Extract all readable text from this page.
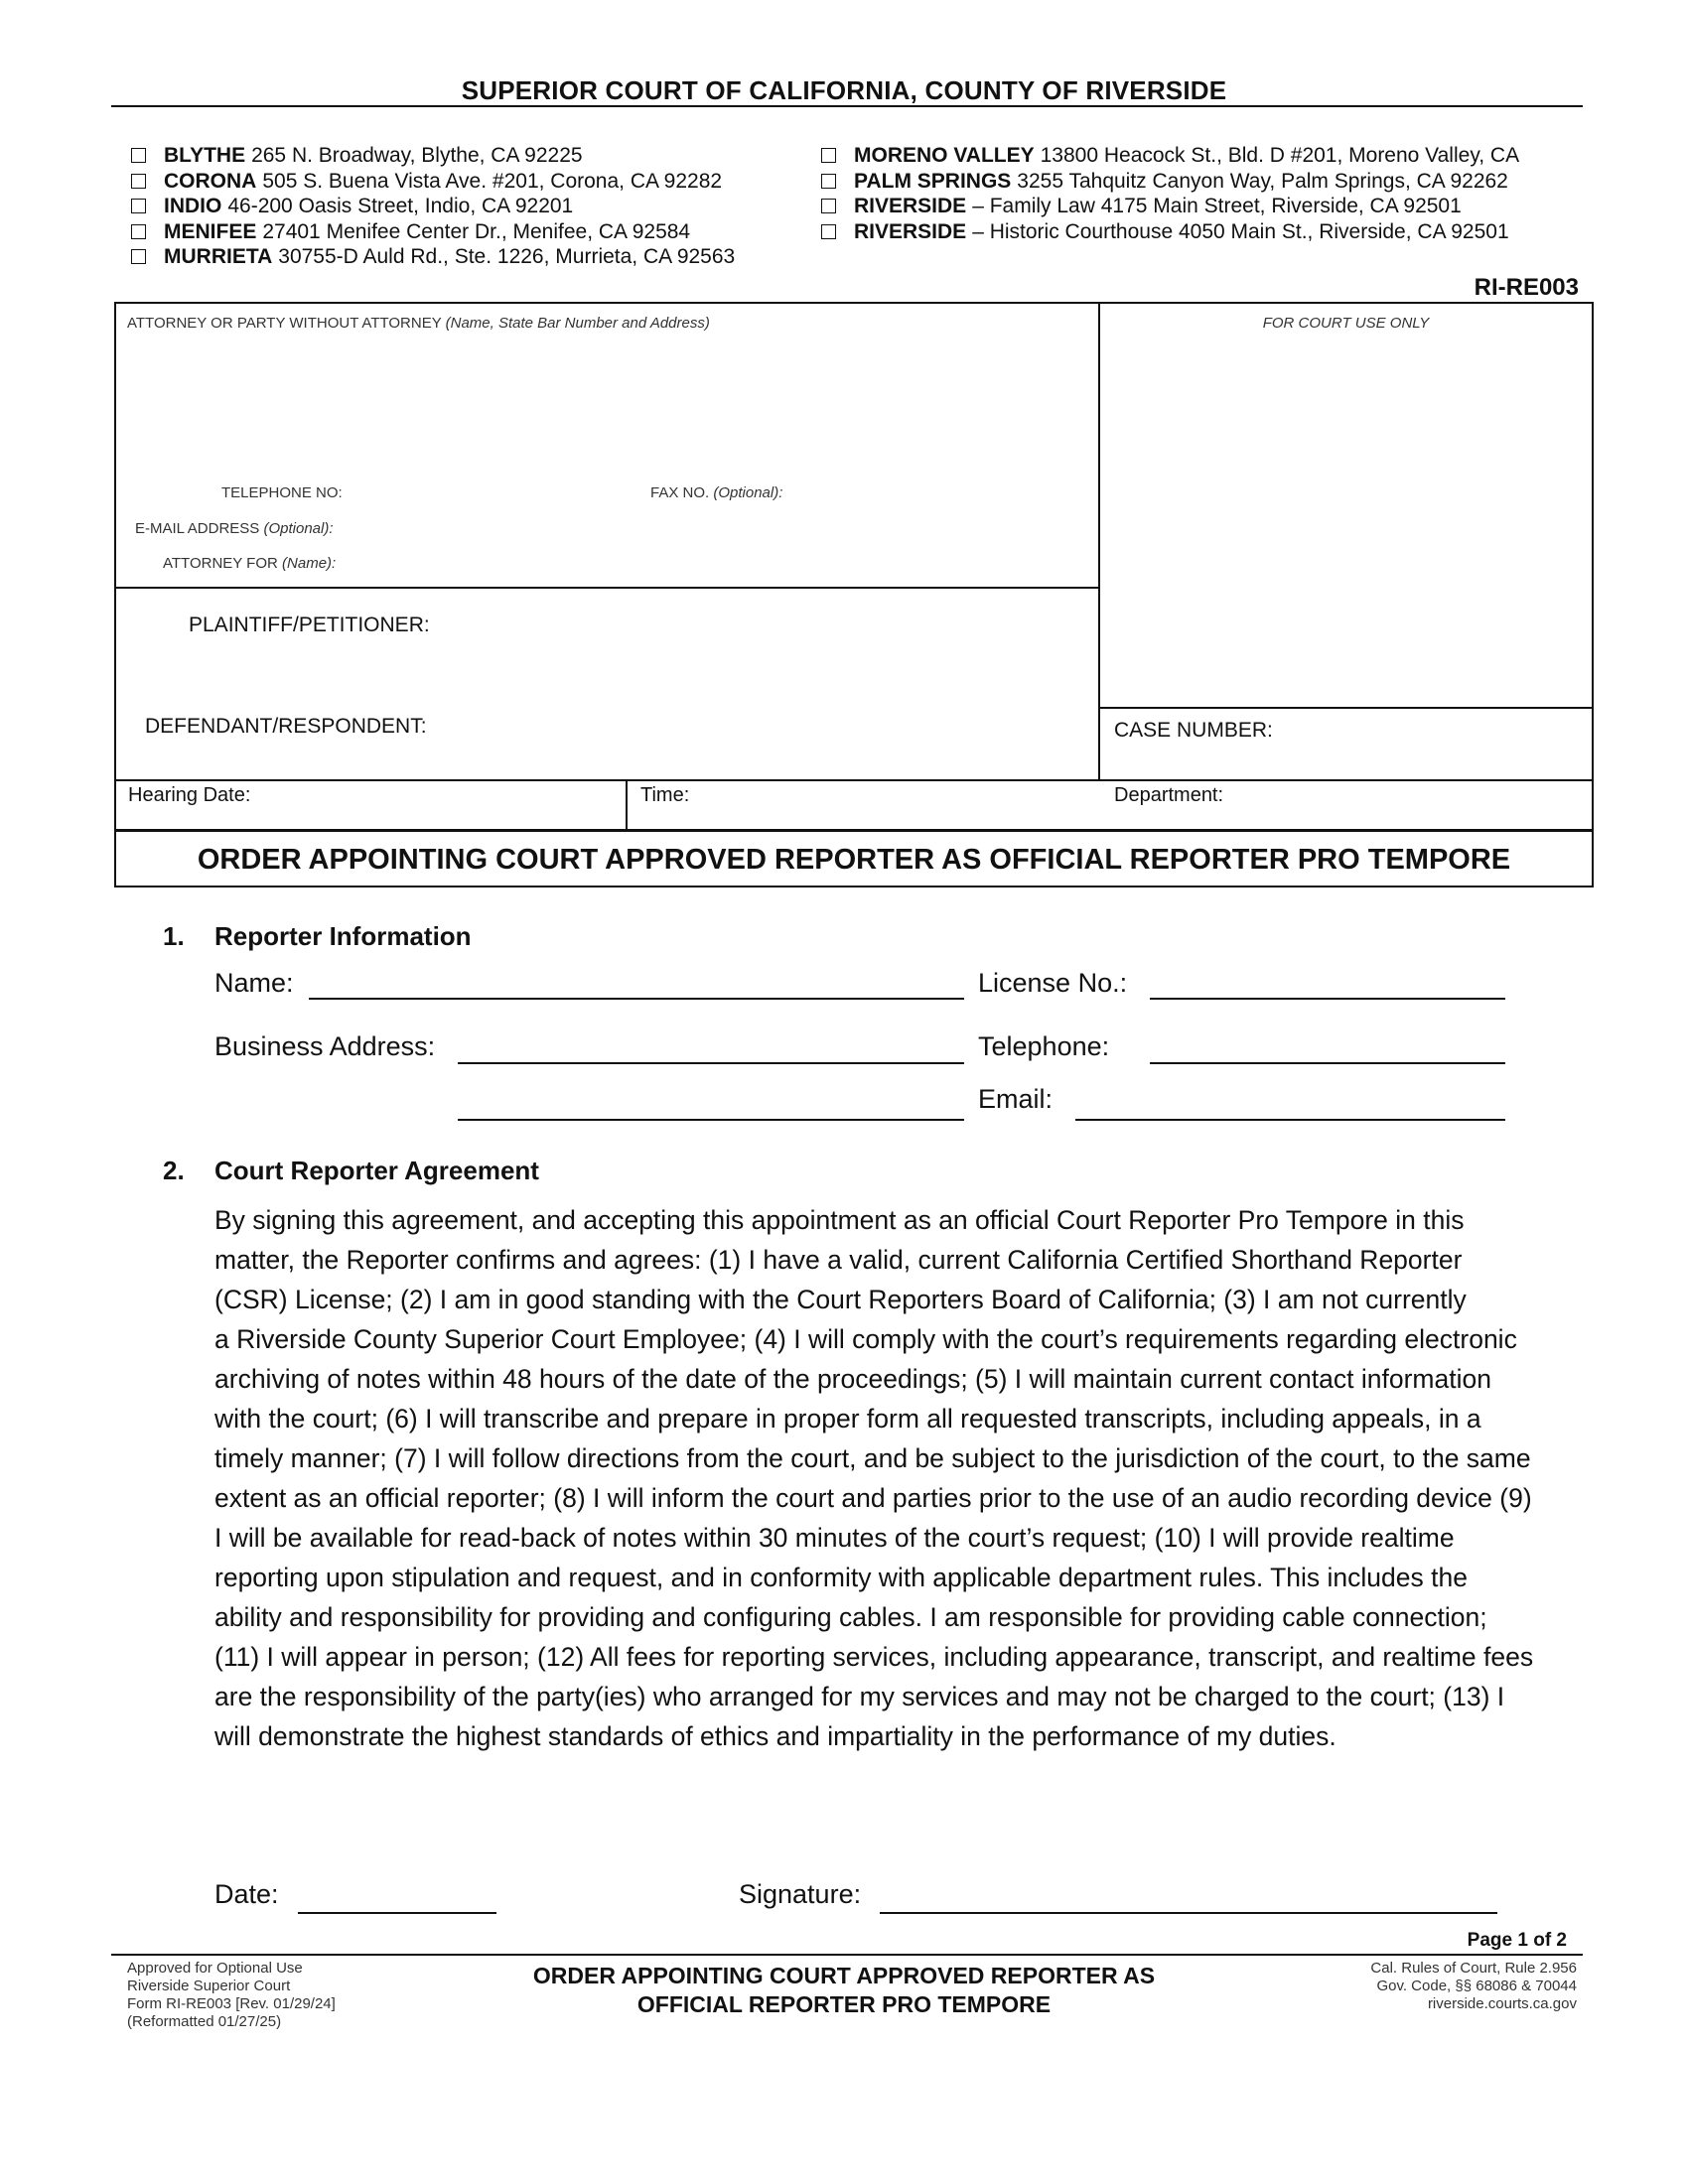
SUPERIOR COURT OF CALIFORNIA, COUNTY OF RIVERSIDE
BLYTHE 265 N. Broadway, Blythe, CA 92225
CORONA 505 S. Buena Vista Ave. #201, Corona, CA 92282
INDIO 46-200 Oasis Street, Indio, CA 92201
MENIFEE 27401 Menifee Center Dr., Menifee, CA 92584
MURRIETA 30755-D Auld Rd., Ste. 1226, Murrieta, CA 92563
MORENO VALLEY 13800 Heacock St., Bld. D #201, Moreno Valley, CA
PALM SPRINGS 3255 Tahquitz Canyon Way, Palm Springs, CA 92262
RIVERSIDE – Family Law 4175 Main Street, Riverside, CA 92501
RIVERSIDE – Historic Courthouse 4050 Main St., Riverside, CA 92501
RI-RE003
ATTORNEY OR PARTY WITHOUT ATTORNEY (Name, State Bar Number and Address)	FOR COURT USE ONLY
TELEPHONE NO:	FAX NO. (Optional):
E-MAIL ADDRESS (Optional):
ATTORNEY FOR (Name):
PLAINTIFF/PETITIONER:
DEFENDANT/RESPONDENT:	CASE NUMBER:
Hearing Date:	Time:	Department:
ORDER APPOINTING COURT APPROVED REPORTER AS OFFICIAL REPORTER PRO TEMPORE
1. Reporter Information
Name:	License No.:
Business Address:	Telephone:
Email:
2. Court Reporter Agreement

By signing this agreement, and accepting this appointment as an official Court Reporter Pro Tempore in this matter, the Reporter confirms and agrees: (1) I have a valid, current California Certified Shorthand Reporter (CSR) License; (2) I am in good standing with the Court Reporters Board of California; (3) I am not currently

a Riverside County Superior Court Employee; (4) I will comply with the court’s requirements regarding electronic archiving of notes within 48 hours of the date of the proceedings; (5) I will maintain current contact information with the court; (6) I will transcribe and prepare in proper form all requested transcripts, including appeals, in a timely manner; (7) I will follow directions from the court, and be subject to the jurisdiction of the court, to the same extent as an official reporter; (8) I will inform the court and parties prior to the use of an audio recording device (9) I will be available for read-back of notes within 30 minutes of the court’s request; (10) I will provide realtime reporting upon stipulation and request, and in conformity with applicable department rules. This includes the ability and responsibility for providing and configuring cables. I am responsible for providing cable connection; (11) I will appear in person; (12) All fees for reporting services, including appearance, transcript, and realtime fees are the responsibility of the party(ies) who arranged for my services and may not be charged to the court; (13) I will demonstrate the highest standards of ethics and impartiality in the performance of my duties.

Date:	Signature:
Page 1 of 2
Approved for Optional Use
Riverside Superior Court
Form RI-RE003 [Rev. 01/29/24]
(Reformatted 01/27/25)
ORDER APPOINTING COURT APPROVED REPORTER AS
OFFICIAL REPORTER PRO TEMPORE
Cal. Rules of Court, Rule 2.956
Gov. Code, §§ 68086 & 70044
riverside.courts.ca.gov
